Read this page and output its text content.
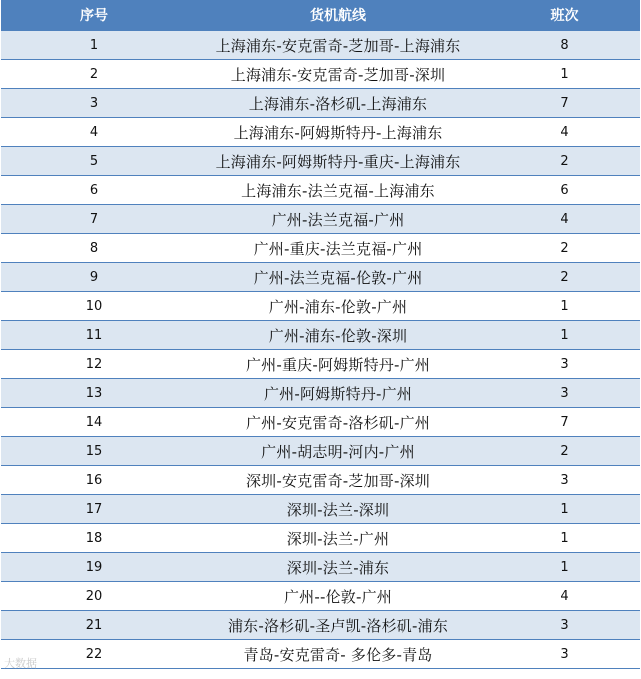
序号	货机航线	班次
1	上海浦东-安克雷奇-芝加哥-上海浦东	8
2	上海浦东-安克雷奇-芝加哥-深圳	1
3	上海浦东-洛杉矶-上海浦东	7
4	上海浦东-阿姆斯特丹-上海浦东	4
5	上海浦东-阿姆斯特丹-重庆-上海浦东	2
6	上海浦东-法兰克福-上海浦东	6
7	广州-法兰克福-广州	4
8	广州-重庆-法兰克福-广州	2
9	广州-法兰克福-伦敦-广州	2
10	广州-浦东-伦敦-广州	1
11	广州-浦东-伦敦-深圳	1
12	广州-重庆-阿姆斯特丹-广州	3
13	广州-阿姆斯特丹-广州	3
14	广州-安克雷奇-洛杉矶-广州	7
15	广州-胡志明-河内-广州	2
16	深圳-安克雷奇-芝加哥-深圳	3
17	深圳-法兰-深圳	1
18	深圳-法兰-广州	1
19	深圳-法兰-浦东	1
20	广州--伦敦-广州	4
21	浦东-洛杉矶-圣卢凯-洛杉矶-浦东	3
22	青岛-安克雷奇- 多伦多-青岛	3
大数据
